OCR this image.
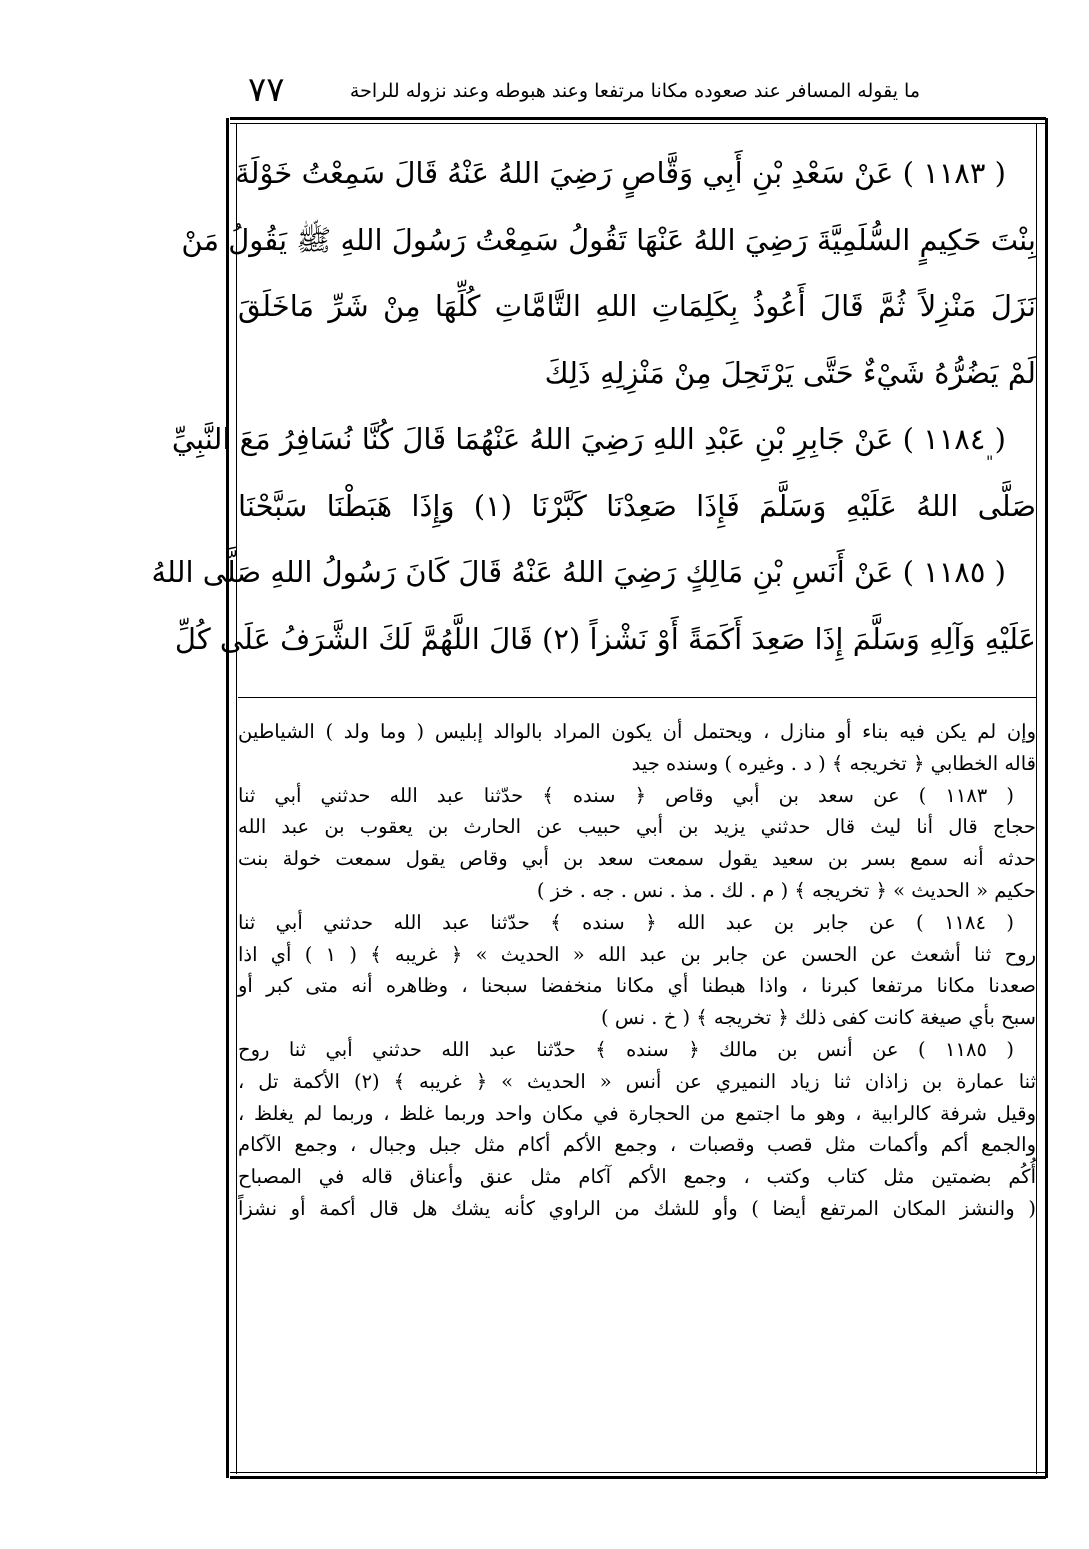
٧٧	ما يقوله المسافر عند صعوده مكانا مرتفعا وعند هبوطه وعند نزوله للراحة
"
( ١١٨٣ ) عَنْ سَعْدِ بْنِ أَبِي وَقَّاصٍ رَضِيَ اللهُ عَنْهُ قَالَ سَمِعْتُ خَوْلَةَ
بِنْتَ حَكِيمٍ السُّلَمِيَّةَ رَضِيَ اللهُ عَنْهَا تَقُولُ سَمِعْتُ رَسُولَ اللهِ ﷺ يَقُولُ مَنْ
نَزَلَ مَنْزِلاً ثُمَّ قَالَ أَعُوذُ بِكَلِمَاتِ اللهِ التَّامَّاتِ كُلِّهَا مِنْ شَرِّ مَاخَلَقَ
لَمْ يَضُرُّهُ شَيْءٌ حَتَّى يَرْتَحِلَ مِنْ مَنْزِلِهِ ذَلِكَ
( ١١٨٤ ) عَنْ جَابِرِ بْنِ عَبْدِ اللهِ رَضِيَ اللهُ عَنْهُمَا قَالَ كُنَّا نُسَافِرُ مَعَ النَّبِيِّ
صَلَّى اللهُ عَلَيْهِ وَسَلَّمَ فَإِذَا صَعِدْنَا كَبَّرْنَا (١) وَإِذَا هَبَطْنَا سَبَّحْنَا
( ١١٨٥ ) عَنْ أَنَسِ بْنِ مَالِكٍ رَضِيَ اللهُ عَنْهُ قَالَ كَانَ رَسُولُ اللهِ صَلَّى اللهُ
عَلَيْهِ وَآلِهِ وَسَلَّمَ إِذَا صَعِدَ أَكَمَةً أَوْ نَشْزاً (٢) قَالَ اللَّهُمَّ لَكَ الشَّرَفُ عَلَى كُلِّ
وإن لم يكن فيه بناء أو منازل ، ويحتمل أن يكون المراد بالوالد إبليس ( وما ولد ) الشياطين
قاله الخطابي ﴿ تخريجه ﴾ ( د . وغيره ) وسنده جيد
( ١١٨٣ ) عن سعد بن أبي وقاص ﴿ سنده ﴾ حدّثنا عبد الله حدثني أبي ثنا
حجاج قال أنا ليث قال حدثني يزيد بن أبي حبيب عن الحارث بن يعقوب بن عبد الله
حدثه أنه سمع بسر بن سعيد يقول سمعت سعد بن أبي وقاص يقول سمعت خولة بنت
حكيم « الحديث » ﴿ تخريجه ﴾ ( م . لك . مذ . نس . جه . خز )
( ١١٨٤ ) عن جابر بن عبد الله ﴿ سنده ﴾ حدّثنا عبد الله حدثني أبي ثنا
روح ثنا أشعث عن الحسن عن جابر بن عبد الله « الحديث » ﴿ غريبه ﴾ ( ١ ) أي اذا
صعدنا مكانا مرتفعا كبرنا ، واذا هبطنا أي مكانا منخفضا سبحنا ، وظاهره أنه متى كبر أو
سبح بأي صيغة كانت كفى ذلك ﴿ تخريجه ﴾ ( خ . نس )
( ١١٨٥ ) عن أنس بن مالك ﴿ سنده ﴾ حدّثنا عبد الله حدثني أبي ثنا روح
ثنا عمارة بن زاذان ثنا زياد النميري عن أنس « الحديث » ﴿ غريبه ﴾ (٢) الأكمة تل ،
وقيل شرفة كالرابية ، وهو ما اجتمع من الحجارة في مكان واحد وربما غلظ ، وربما لم يغلظ ،
والجمع أكم وأكمات مثل قصب وقصبات ، وجمع الأكم أكام مثل جبل وجبال ، وجمع الآكام
أُكُم بضمتين مثل كتاب وكتب ، وجمع الأكم آكام مثل عنق وأعناق قاله في المصباح
( والنشز المكان المرتفع أيضا ) وأو للشك من الراوي كأنه يشك هل قال أكمة أو نشزاً
